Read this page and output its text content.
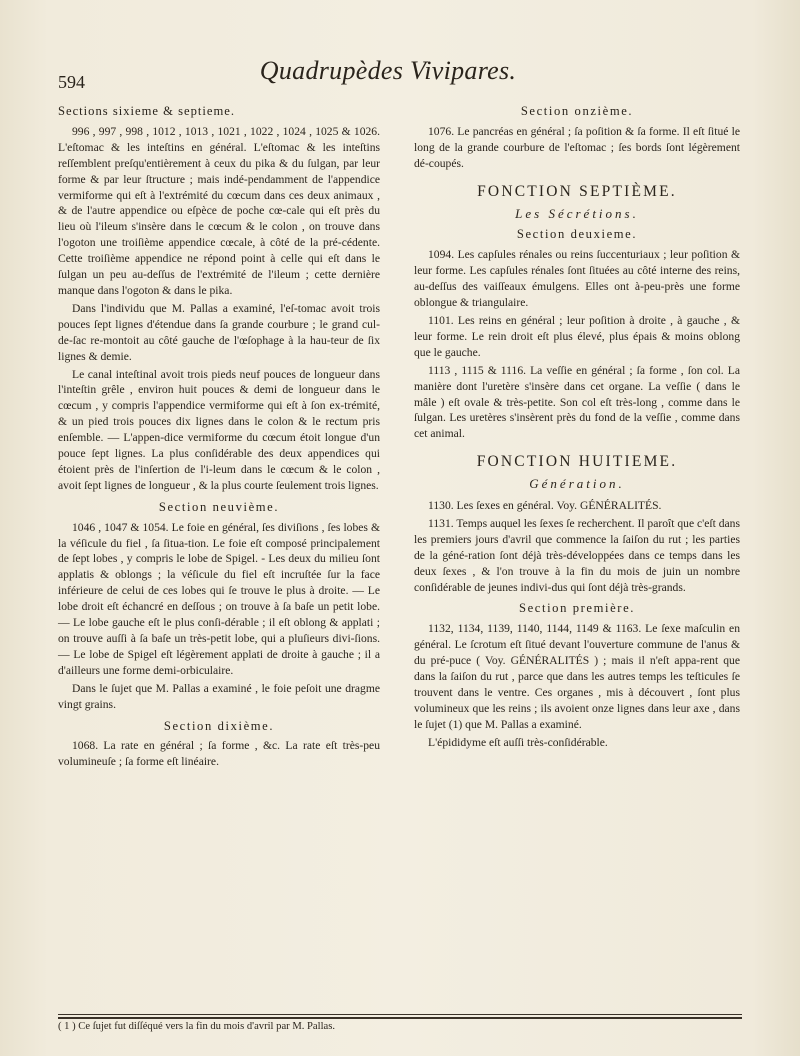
594	Quadrupèdes Vivipares.
Sections sixieme & septieme.

996 , 997 , 998 , 1012 , 1013 , 1021 , 1022 , 1024 , 1025 & 1026. L'eſtomac & les inteſtins en général. L'eſtomac & les inteſtins reſſemblent preſqu'entièrement à ceux du pika & du ſulgan, par leur forme & par leur ſtructure ; mais indé-pendamment de l'appendice vermiforme qui eſt à l'extrémité du cœcum dans ces deux animaux , & de l'autre appendice ou eſpèce de poche cœ-cale qui eſt près du lieu où l'ileum s'insère dans le cœcum & le colon , on trouve dans l'ogoton une troiſième appendice cœcale, à côté de la pré-cédente. Cette troiſième appendice ne répond point à celle qui eſt dans le ſulgan un peu au-deſſus de l'extrémité de l'ileum ; cette dernière manque dans l'ogoton & dans le pika.

Dans l'individu que M. Pallas a examiné, l'eſ-tomac avoit trois pouces ſept lignes d'étendue dans ſa grande courbure ; le grand cul-de-ſac re-montoit au côté gauche de l'œſophage à la hau-teur de ſix lignes & demie.

Le canal inteſtinal avoit trois pieds neuf pouces de longueur dans l'inteſtin grêle , environ huit pouces & demi de longueur dans le cœcum , y compris l'appendice vermiforme qui eſt à ſon ex-trémité, & un pied trois pouces dix lignes dans le colon & le rectum pris enſemble. — L'appen-dice vermiforme du cœcum étoit longue d'un pouce ſept lignes. La plus conſidérable des deux appendices qui étoient près de l'inſertion de l'i-leum dans le cœcum & le colon , avoit ſept lignes de longueur , & la plus courte ſeulement trois lignes.

Section neuvième.

1046 , 1047 & 1054. Le foie en général, ſes diviſions , ſes lobes & la véſicule du fiel , ſa ſitua-tion. Le foie eſt composé principalement de ſept lobes , y compris le lobe de Spigel. - Les deux du milieu ſont applatis & oblongs ; la véſicule du fiel eſt incruſtée ſur la face inférieure de celui de ces lobes qui ſe trouve le plus à droite. — Le lobe droit eſt échancré en deſſous ; on trouve à ſa baſe un petit lobe. — Le lobe gauche eſt le plus conſi-dérable ; il eſt oblong & applati ; on trouve auſſi à ſa baſe un très-petit lobe, qui a pluſieurs divi-ſions. — Le lobe de Spigel eſt légèrement applati de droite à gauche ; il a d'ailleurs une forme demi-orbiculaire.

Dans le ſujet que M. Pallas a examiné , le foie peſoit une dragme vingt grains.

Section dixième.

1068. La rate en général ; ſa forme , &c. La rate eſt très-peu volumineuſe ; ſa forme eſt linéaire.

Section onzième.

1076. Le pancréas en général ; ſa poſition & ſa forme. Il eſt ſitué le long de la grande courbure de l'eſtomac ; ſes bords ſont légèrement dé-coupés.

FONCTION SEPTIÈME.
Les Sécrétions.
Section deuxieme.

1094. Les capſules rénales ou reins ſuccenturiaux ; leur poſition & leur forme. Les capſules rénales ſont ſituées au côté interne des reins, au-deſſus des vaiſſeaux émulgens. Elles ont à-peu-près une forme oblongue & triangulaire.

1101. Les reins en général ; leur poſition à droite , à gauche , & leur forme. Le rein droit eſt plus élevé, plus épais & moins oblong que le gauche.

1113 , 1115 & 1116. La veſſie en général ; ſa forme , ſon col. La manière dont l'uretère s'insère dans cet organe. La veſſie ( dans le mâle ) eſt ovale & très-petite. Son col eſt très-long , comme dans le ſulgan. Les uretères s'insèrent près du fond de la veſſie , comme dans cet animal.

FONCTION HUITIEME.
Génération.

1130. Les ſexes en général. Voy. GÉNÉRALITÉS.

1131. Temps auquel les ſexes ſe recherchent. Il paroît que c'eſt dans les premiers jours d'avril que commence la ſaiſon du rut ; les parties de la géné-ration ſont déjà très-développées dans ce temps dans les deux ſexes , & l'on trouve à la fin du mois de juin un nombre conſidérable de jeunes indivi-dus qui ſont déjà très-grands.

Section première.

1132, 1134, 1139, 1140, 1144, 1149 & 1163. Le ſexe maſculin en général. Le ſcrotum eſt ſitué devant l'ouverture commune de l'anus & du pré-puce ( Voy. GÉNÉRALITÉS ) ; mais il n'eſt appa-rent que dans la ſaiſon du rut , parce que dans les autres temps les teſticules ſe trouvent dans le ventre. Ces organes , mis à découvert , ſont plus volumineux que les reins ; ils avoient onze lignes dans leur axe , dans le ſujet (1) que M. Pallas a examiné.

L'épididyme eſt auſſi très-conſidérable.

( 1 ) Ce ſujet fut diſſéqué vers la fin du mois d'avril par M. Pallas.
